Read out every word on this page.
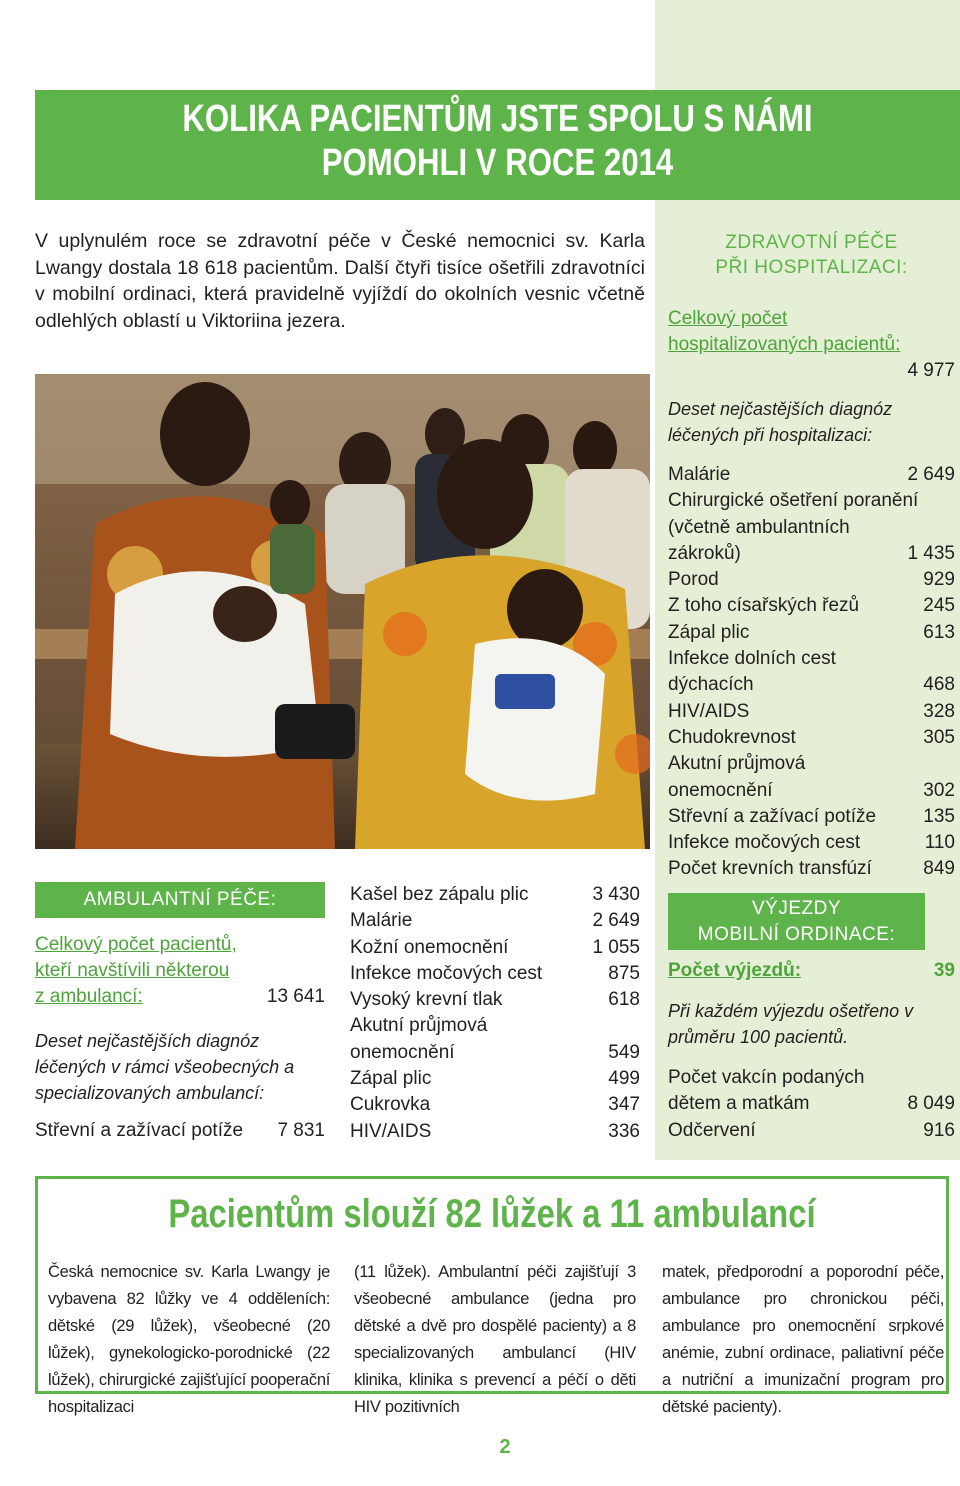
KOLIKA PACIENTŮM JSTE SPOLU S NÁMI
POMOHLI V ROCE 2014
V uplynulém roce se zdravotní péče v České nemocnici sv. Karla Lwangy dostala 18 618 pacientům. Další čtyři tisíce ošetřili zdravotníci v mobilní ordinaci, která pravidelně vyjíždí do okolních vesnic včetně odlehlých oblastí u Viktoriina jezera.
AMBULANTNÍ PÉČE:
Celkový počet pacientů,
kteří navštívili některou
z ambulancí:	13 641
Deset nejčastějších diagnóz léčených v rámci všeobecných a specializovaných ambulancí:
Střevní a zažívací potíže 7 831
Kašel bez zápalu plic	3 430
Malárie	2 649
Kožní onemocnění	1 055
Infekce močových cest	875
Vysoký krevní tlak	618
Akutní průjmová
onemocnění	549
Zápal plic	499
Cukrovka	347
HIV/AIDS	336
ZDRAVOTNÍ PÉČE
PŘI HOSPITALIZACI:
Celkový počet
hospitalizovaných pacientů:
4 977
Deset nejčastějších diagnóz léčených při hospitalizaci:
Malárie	2 649
Chirurgické ošetření poranění
(včetně ambulantních
zákroků)	1 435
Porod	929
Z toho císařských řezů	245
Zápal plic	613
Infekce dolních cest
dýchacích	468
HIV/AIDS	328
Chudokrevnost	305
Akutní průjmová
onemocnění	302
Střevní a zažívací potíže 135
Infekce močových cest	110
Počet krevních transfúzí	849
VÝJEZDY
MOBILNÍ ORDINACE:
Počet výjezdů:	39
Při každém výjezdu ošetřeno v průměru 100 pacientů.
Počet vakcín podaných
dětem a matkám	8 049
Odčervení	916
Pacientům slouží 82 lůžek a 11 ambulancí
Česká nemocnice sv. Karla Lwangy je vybavena 82 lůžky ve 4 odděleních: dětské (29 lůžek), všeobecné (20 lůžek), gynekologicko-porodnické (22 lůžek), chirurgické zajišťující pooperační hospitalizaci
(11 lůžek). Ambulantní péči zajišťují 3 všeobecné ambulance (jedna pro dětské a dvě pro dospělé pacienty) a 8 specializovaných ambulancí (HIV klinika, klinika s prevencí a péčí o děti HIV pozitivních
matek, předporodní a poporodní péče, ambulance pro chronickou péči, ambulance pro onemocnění srpkové anémie, zubní ordinace, paliativní péče a nutriční a imunizační program pro dětské pacienty).
2
